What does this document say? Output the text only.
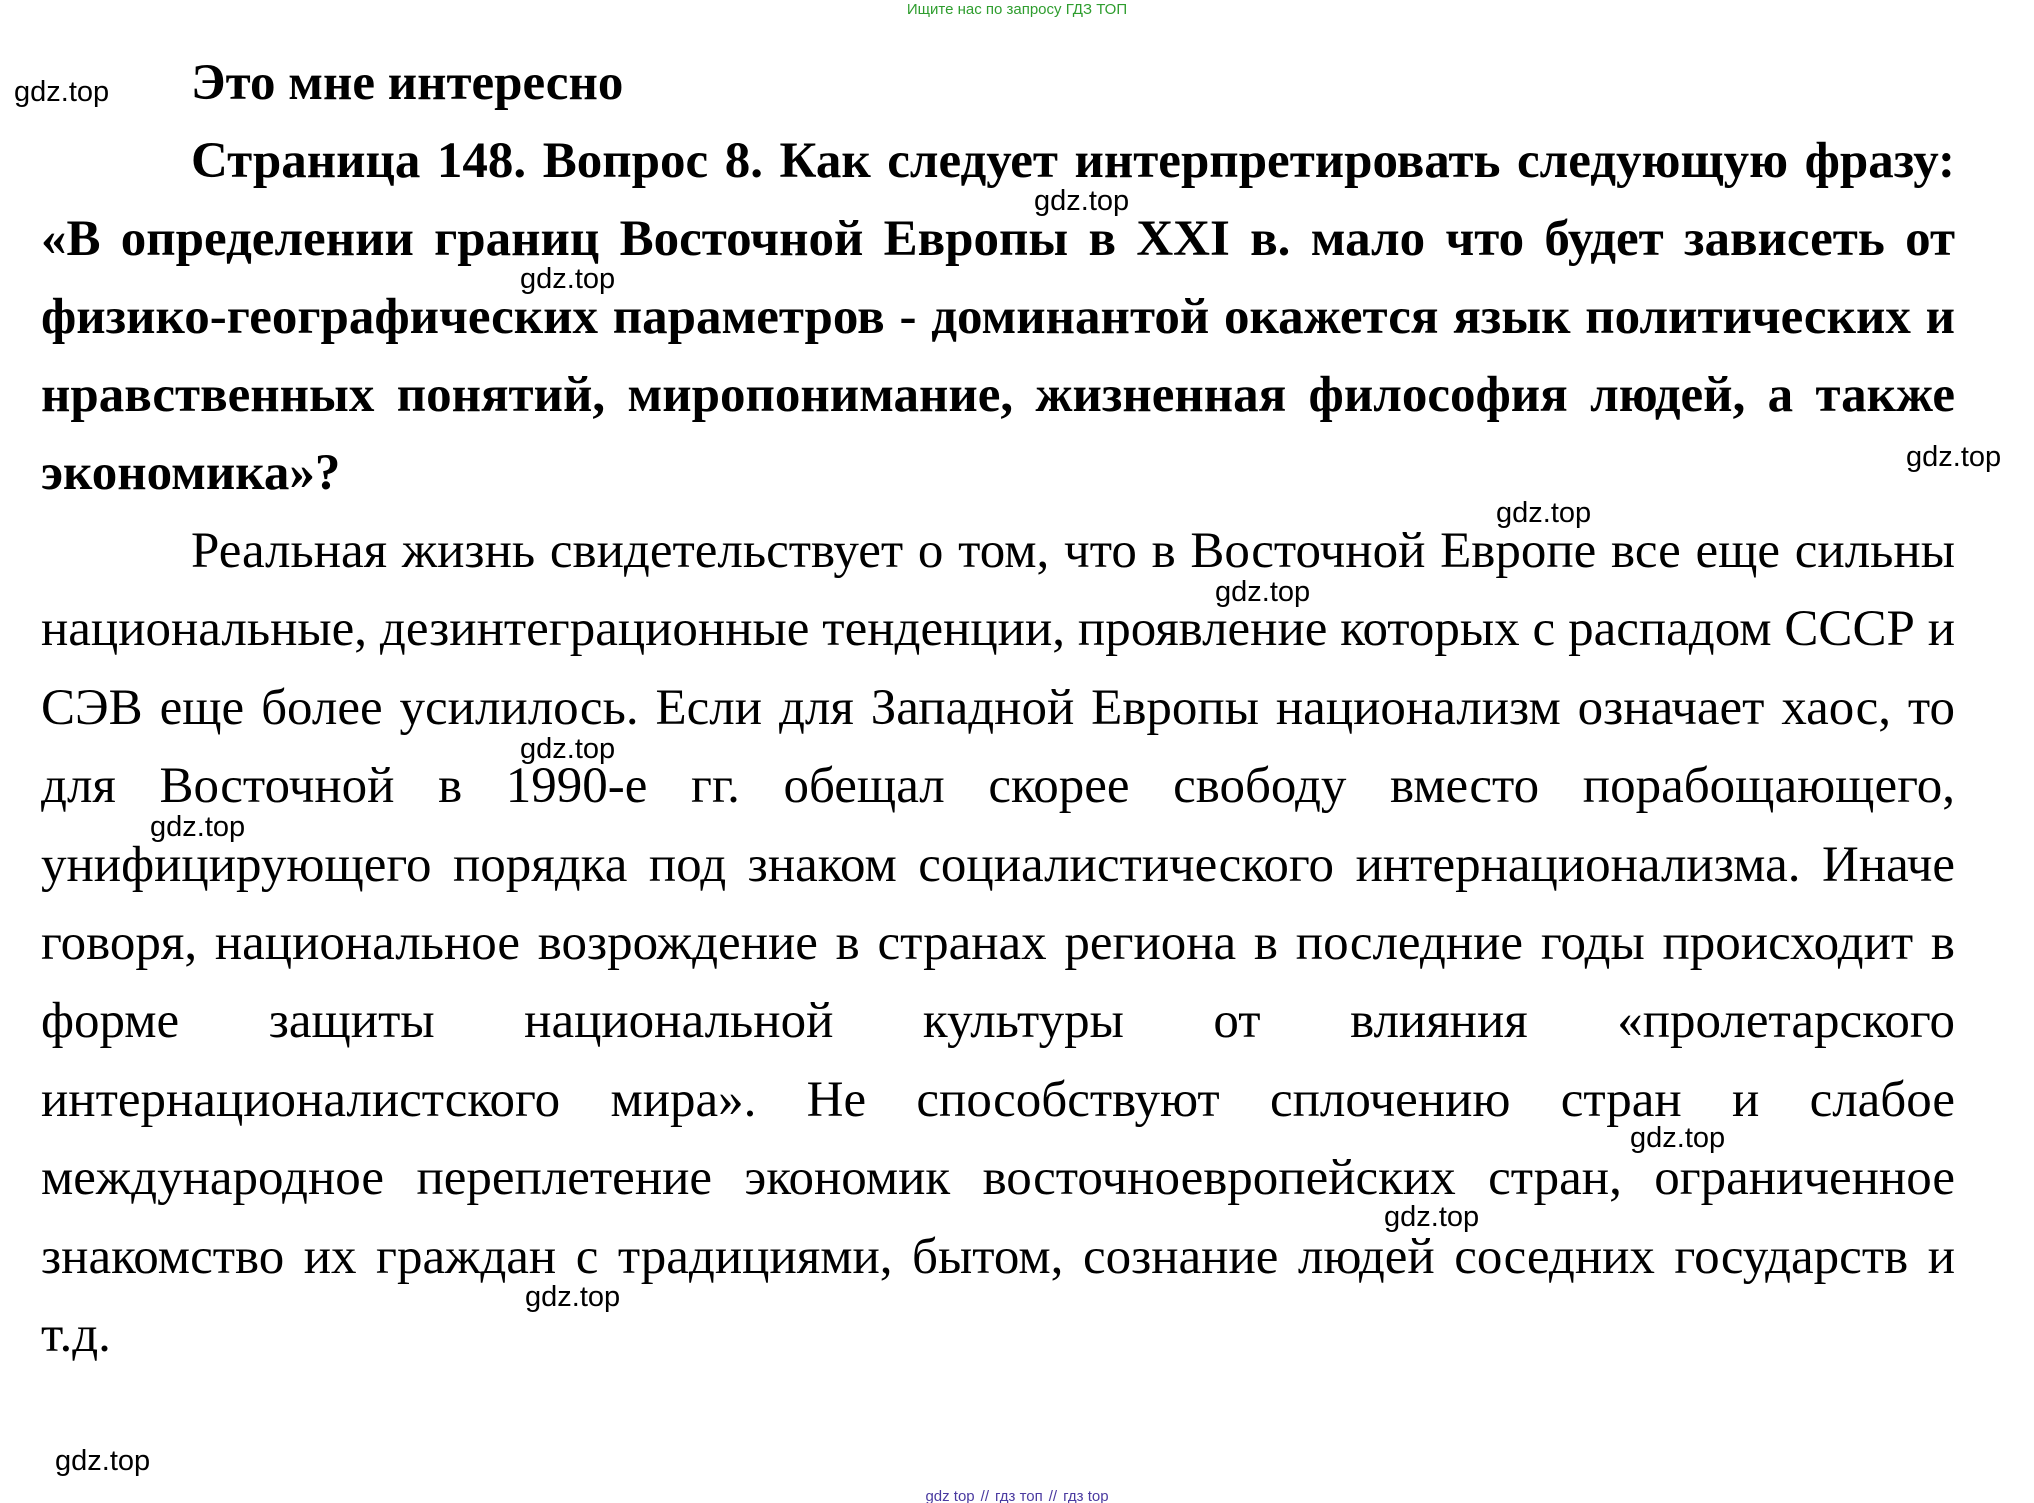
Ищите нас по запросу ГДЗ ТОП
Это мне интересно

Страница 148. Вопрос 8. Как следует интерпретировать следующую фразу: «В определении границ Восточной Европы в XXI в. мало что будет зависеть от физико-географических параметров - доминантой окажется язык политических и нравственных понятий, миропонимание, жизненная философия людей, а также экономика»?

Реальная жизнь свидетельствует о том, что в Восточной Европе все еще сильны национальные, дезинтеграционные тенденции, проявление которых с распадом СССР и СЭВ еще более усилилось. Если для Западной Европы национализм означает хаос, то для Восточной в 1990-е гг. обещал скорее свободу вместо порабощающего, унифицирующего порядка под знаком социалистического интернационализма. Иначе говоря, национальное возрождение в странах региона в последние годы происходит в форме защиты национальной культуры от влияния «пролетарского интернационалистского мира». Не способствуют сплочению стран и слабое международное переплетение экономик восточноевропейских стран, ограниченное знакомство их граждан с традициями, бытом, сознание людей соседних государств и т.д.

gdz.top
gdz.top
gdz.top
gdz.top
gdz.top
gdz.top
gdz.top
gdz.top
gdz.top
gdz.top
gdz.top
gdz.top
gdz top // гдз топ // гдз top
